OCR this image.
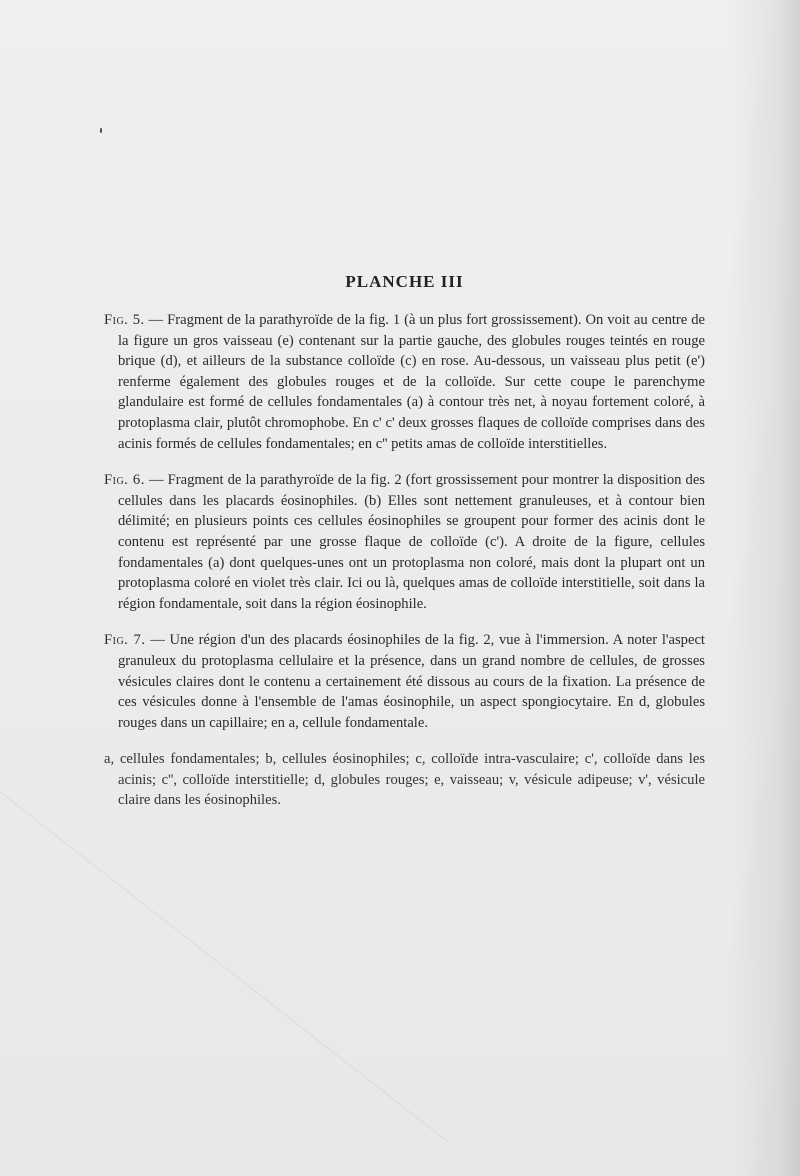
PLANCHE III

Fig. 5. — Fragment de la parathyroïde de la fig. 1 (à un plus fort grossissement). On voit au centre de la figure un gros vaisseau (e) contenant sur la partie gauche, des globules rouges teintés en rouge brique (d), et ailleurs de la substance colloïde (c) en rose. Au-dessous, un vaisseau plus petit (e') renferme également des globules rouges et de la colloïde. Sur cette coupe le parenchyme glandulaire est formé de cellules fondamentales (a) à contour très net, à noyau fortement coloré, à protoplasma clair, plutôt chromophobe. En c' c' deux grosses flaques de colloïde comprises dans des acinis formés de cellules fondamentales; en c'' petits amas de colloïde interstitielles.

Fig. 6. — Fragment de la parathyroïde de la fig. 2 (fort grossissement pour montrer la disposition des cellules dans les placards éosinophiles. (b) Elles sont nettement granuleuses, et à contour bien délimité; en plusieurs points ces cellules éosinophiles se groupent pour former des acinis dont le contenu est représenté par une grosse flaque de colloïde (c'). A droite de la figure, cellules fondamentales (a) dont quelques-unes ont un protoplasma non coloré, mais dont la plupart ont un protoplasma coloré en violet très clair. Ici ou là, quelques amas de colloïde interstitielle, soit dans la région fondamentale, soit dans la région éosinophile.

Fig. 7. — Une région d'un des placards éosinophiles de la fig. 2, vue à l'immersion. A noter l'aspect granuleux du protoplasma cellulaire et la présence, dans un grand nombre de cellules, de grosses vésicules claires dont le contenu a certainement été dissous au cours de la fixation. La présence de ces vésicules donne à l'ensemble de l'amas éosinophile, un aspect spongiocytaire. En d, globules rouges dans un capillaire; en a, cellule fondamentale.

a, cellules fondamentales; b, cellules éosinophiles; c, colloïde intra-vasculaire; c', colloïde dans les acinis; c'', colloïde interstitielle; d, globules rouges; e, vaisseau; v, vésicule adipeuse; v', vésicule claire dans les éosinophiles.
